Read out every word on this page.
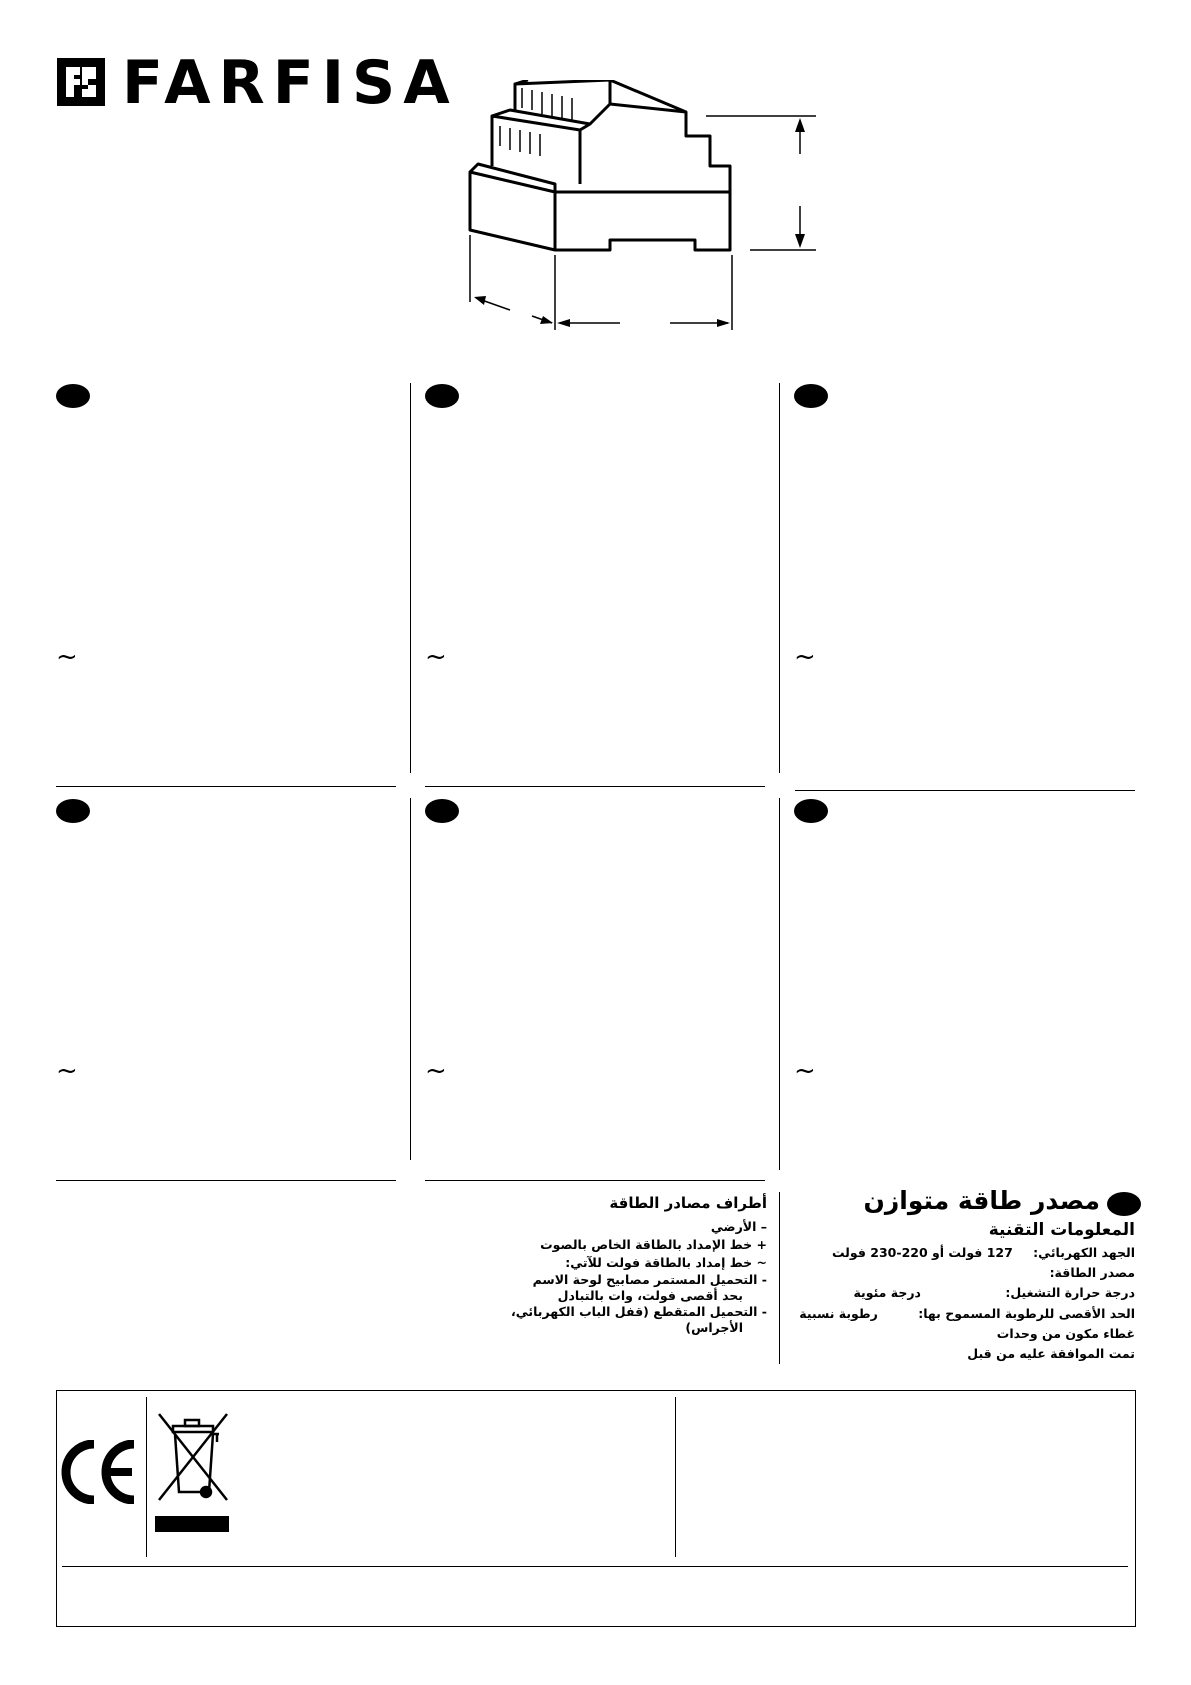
FARFISA
~	~	~
~	~	~
أطراف مصادر الطاقة
– الأرضي
+ خط الإمداد بالطاقة الخاص بالصوت
~ خط إمداد بالطاقة فولت للآتي:
- التحميل المستمر مصابيح لوحة الاسم
بحد أقصى فولت، وات بالتبادل
- التحميل المتقطع (قفل الباب الكهربائي،
الأجراس)
مصدر طاقة متوازن
المعلومات التقنية
الجهد الكهربائي: 127 فولت أو 220-230 فولت
مصدر الطاقة:
درجة حرارة التشغيل: درجة مئوية
الحد الأقصى للرطوبة المسموح بها: رطوبة نسبية
غطاء مكون من وحدات
تمت الموافقة عليه من قبل
